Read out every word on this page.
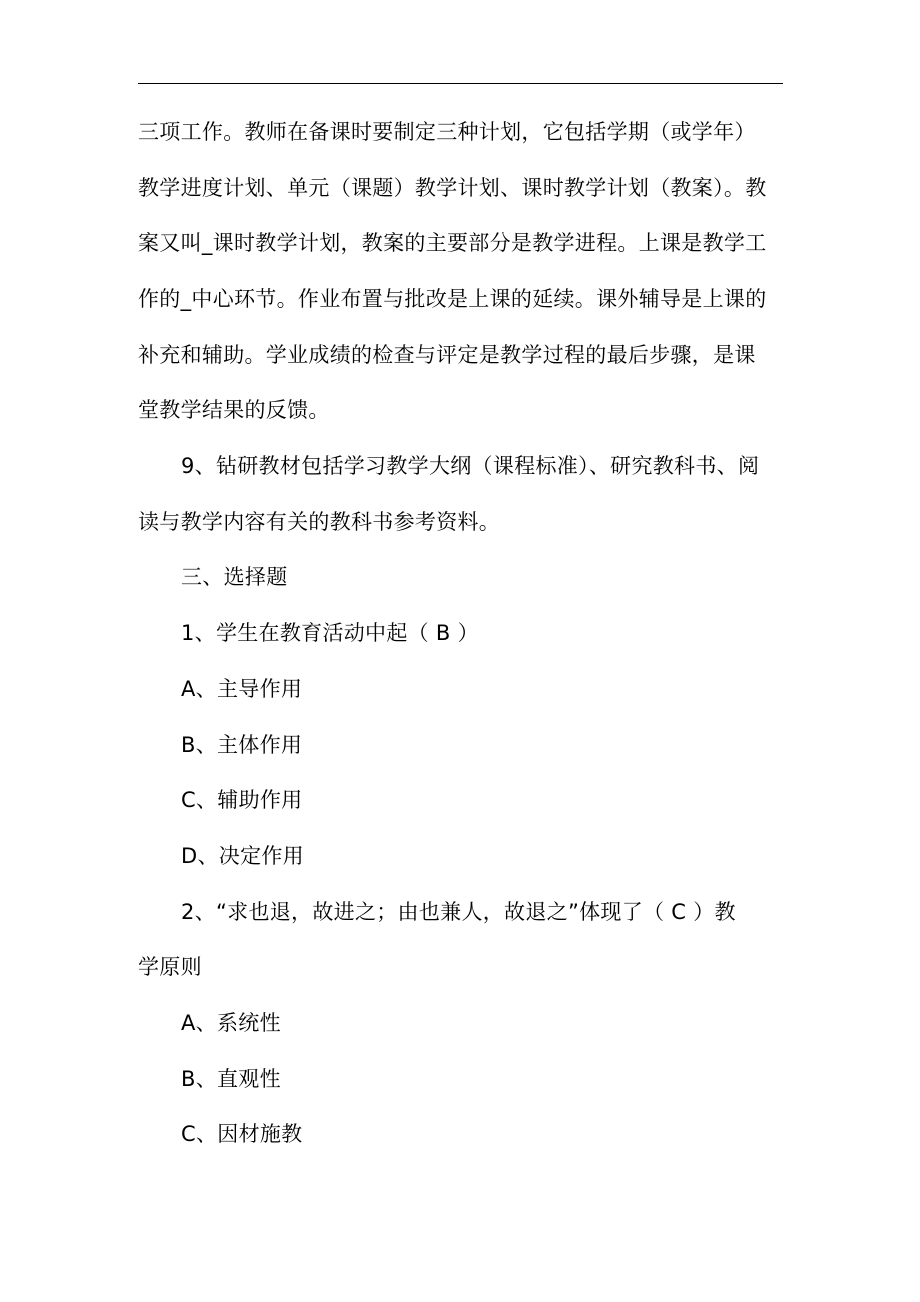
三项工作。教师在备课时要制定三种计划，它包括学期（或学年）
教学进度计划、单元（课题）教学计划、课时教学计划（教案）。教
案又叫_课时教学计划，教案的主要部分是教学进程。上课是教学工
作的_中心环节。作业布置与批改是上课的延续。课外辅导是上课的
补充和辅助。学业成绩的检查与评定是教学过程的最后步骤，是课
堂教学结果的反馈。
9、钻研教材包括学习教学大纲（课程标准）、研究教科书、阅
读与教学内容有关的教科书参考资料。
三、选择题
1、学生在教育活动中起（ B ）
A、主导作用
B、主体作用
C、辅助作用
D、决定作用
2、“求也退，故进之；由也兼人，故退之”体现了（ C ）教
学原则
A、系统性
B、直观性
C、因材施教
